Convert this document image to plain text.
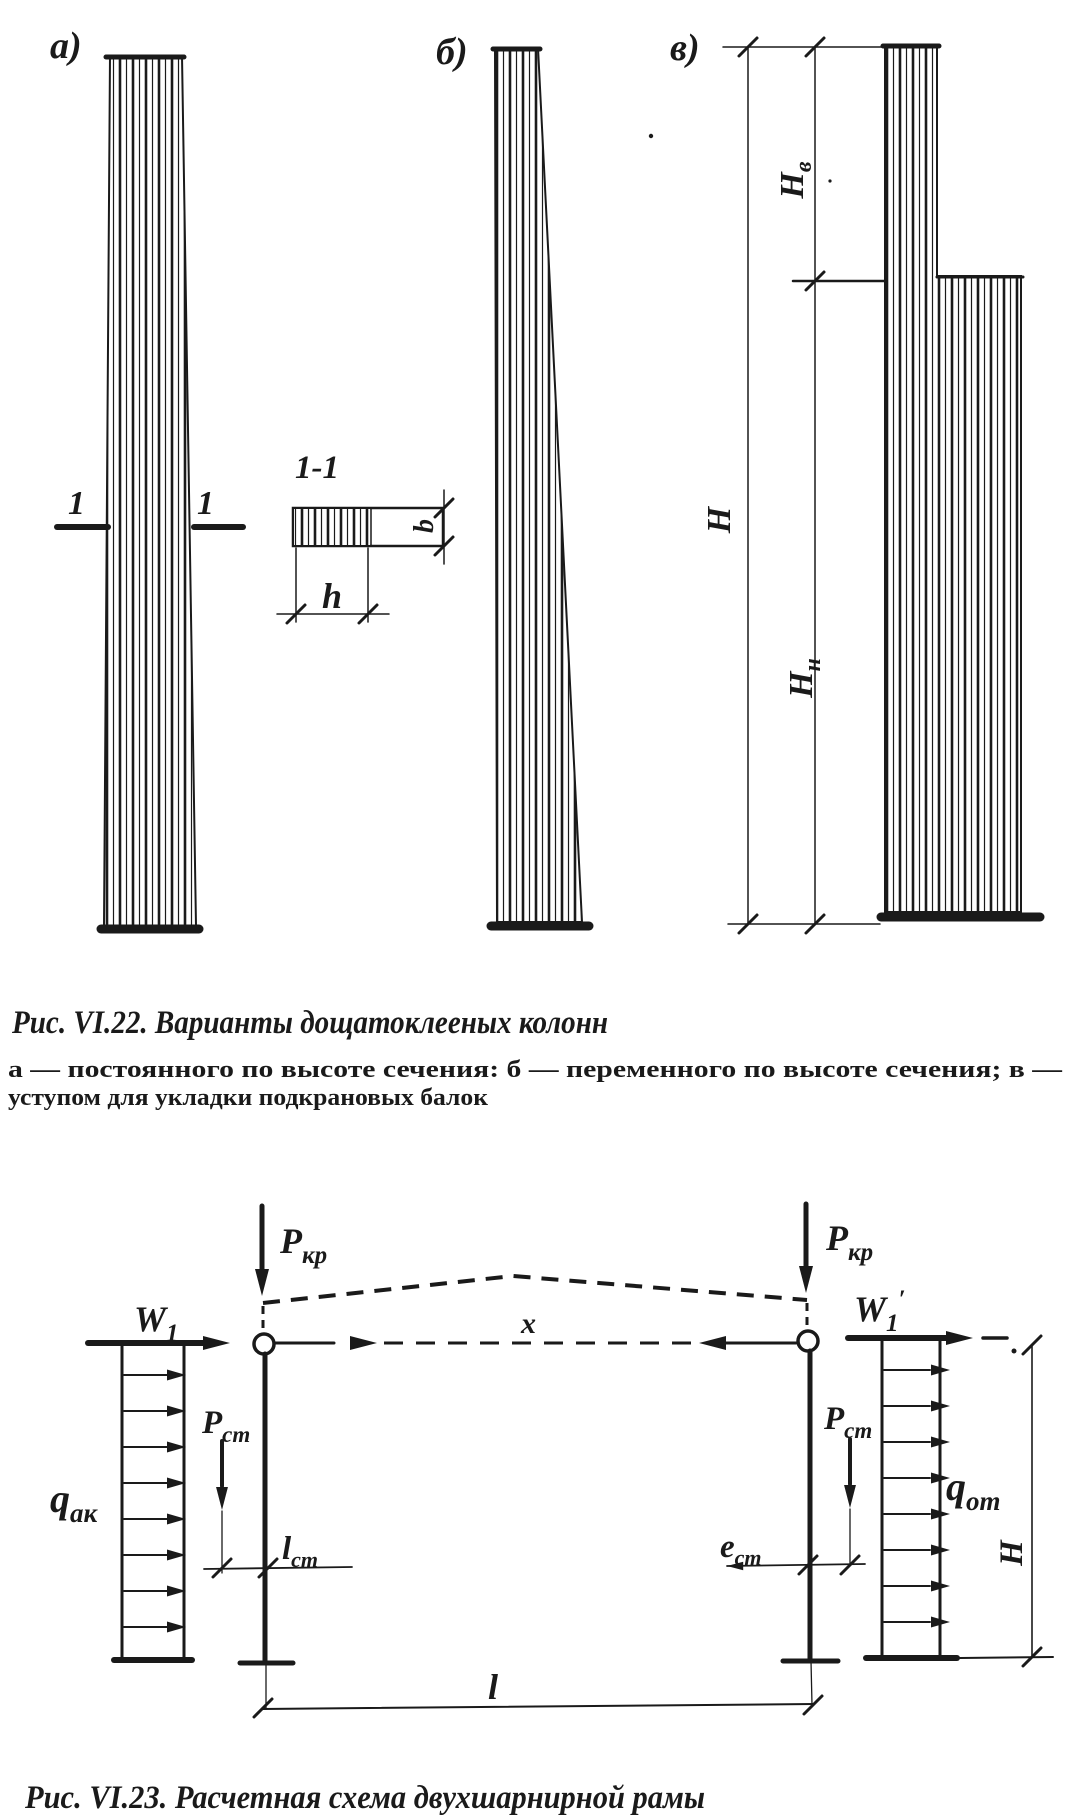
а)
1	1
1-1
b
h
б)	в)
$Н_в$
Н
$Н_н$
Рис. VI.22. Варианты дощатоклееных колонн
а — постоянного по высоте сечения: б — переменного по высоте сечения; в —
уступом для укладки подкрановых балок
х
$Р_{кр}$	$Р_{кр}$
$W_1$
$W_1'$
$q_{ак}$
$Р_{ст}$
$l_{ст}$
l
$q_{от}$
$Р_{ст}$
$е_{ст}$	Н
Рис. VI.23. Расчетная схема двухшарнирной рамы
